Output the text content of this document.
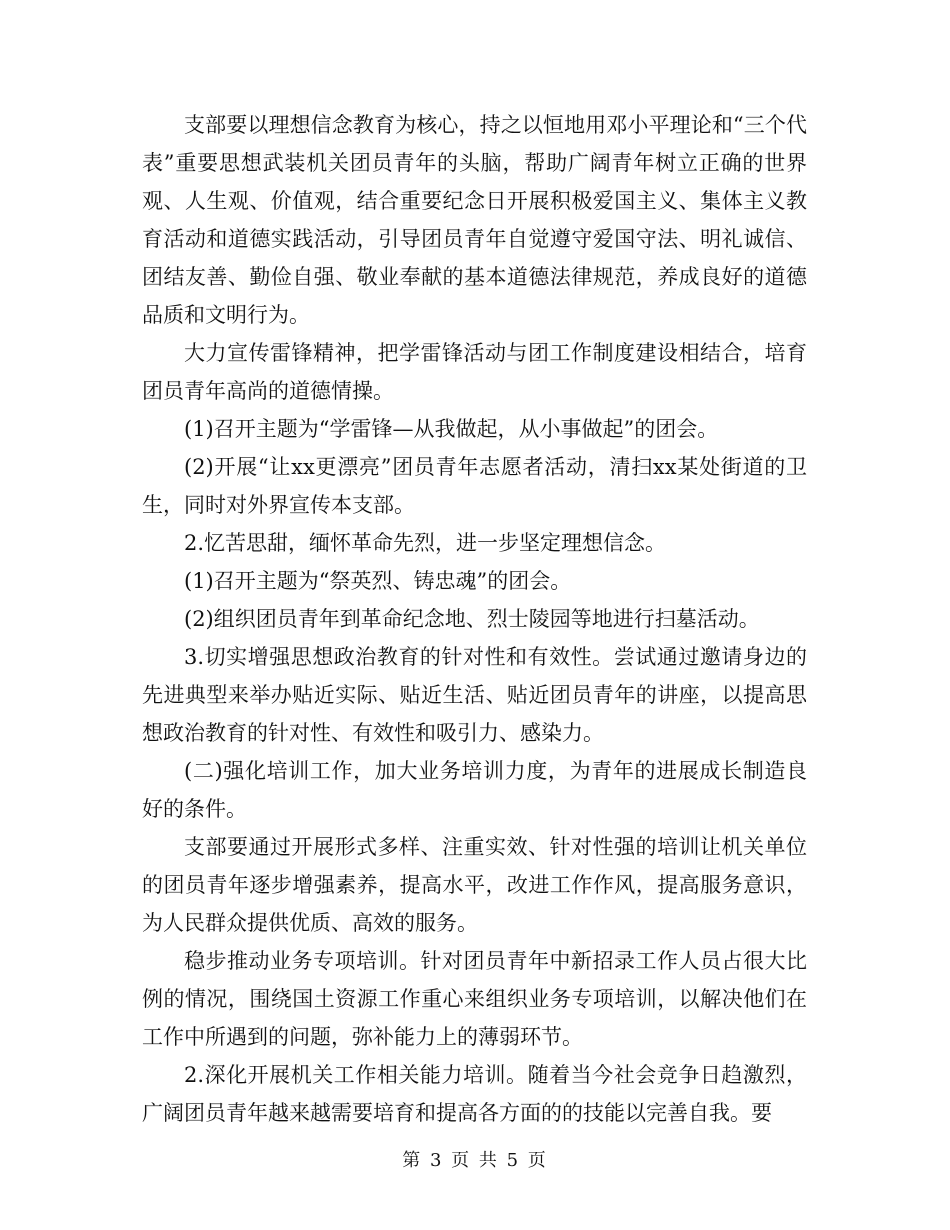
支部要以理想信念教育为核心，持之以恒地用邓小平理论和“三个代表”重要思想武装机关团员青年的头脑，帮助广阔青年树立正确的世界观、人生观、价值观，结合重要纪念日开展积极爱国主义、集体主义教育活动和道德实践活动，引导团员青年自觉遵守爱国守法、明礼诚信、团结友善、勤俭自强、敬业奉献的基本道德法律规范，养成良好的道德品质和文明行为。

大力宣传雷锋精神，把学雷锋活动与团工作制度建设相结合，培育团员青年高尚的道德情操。

(1)召开主题为“学雷锋—从我做起，从小事做起”的团会。

(2)开展“让xx更漂亮”团员青年志愿者活动，清扫xx某处街道的卫生，同时对外界宣传本支部。

2.忆苦思甜，缅怀革命先烈，进一步坚定理想信念。

(1)召开主题为“祭英烈、铸忠魂”的团会。

(2)组织团员青年到革命纪念地、烈士陵园等地进行扫墓活动。

3.切实增强思想政治教育的针对性和有效性。尝试通过邀请身边的先进典型来举办贴近实际、贴近生活、贴近团员青年的讲座，以提高思想政治教育的针对性、有效性和吸引力、感染力。

(二)强化培训工作，加大业务培训力度，为青年的进展成长制造良好的条件。

支部要通过开展形式多样、注重实效、针对性强的培训让机关单位的团员青年逐步增强素养，提高水平，改进工作作风，提高服务意识，为人民群众提供优质、高效的服务。

稳步推动业务专项培训。针对团员青年中新招录工作人员占很大比例的情况，围绕国土资源工作重心来组织业务专项培训，以解决他们在工作中所遇到的问题，弥补能力上的薄弱环节。

2.深化开展机关工作相关能力培训。随着当今社会竞争日趋激烈，广阔团员青年越来越需要培育和提高各方面的的技能以完善自我。要

第 3 页 共 5 页
